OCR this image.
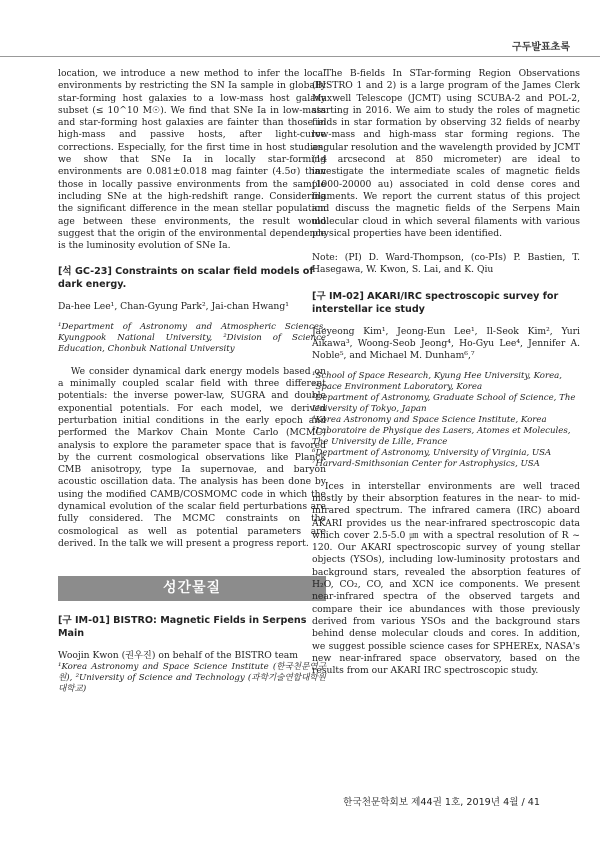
구두발표초록

location, we introduce a new method to infer the local environments by restricting the SN Ia sample in globally star-forming host galaxies to a low-mass host galaxy subset (≤ 10^10 M☉). We find that SNe Ia in low-mass and star-forming host galaxies are fainter than those in high-mass and passive hosts, after light-curve corrections. Especially, for the first time in host studies, we show that SNe Ia in locally star-forming environments are 0.081±0.018 mag fainter (4.5σ) than those in locally passive environments from the sample including SNe at the high-redshift range. Considering the significant difference in the mean stellar population age between these environments, the result would suggest that the origin of the environmental dependence is the luminosity evolution of SNe Ia.

[석 GC-23] Constraints on scalar field models of dark energy.

Da-hee Lee¹, Chan-Gyung Park², Jai-chan Hwang¹

¹Department of Astronomy and Atmospheric Sciences, Kyungpook National University, ²Division of Science Education, Chonbuk National University

We consider dynamical dark energy models based on a minimally coupled scalar field with three different potentials: the inverse power-law, SUGRA and double exponential potentials. For each model, we derived perturbation initial conditions in the early epoch and performed the Markov Chain Monte Carlo (MCMC) analysis to explore the parameter space that is favored by the current cosmological observations like Planck CMB anisotropy, type Ia supernovae, and baryon acoustic oscillation data. The analysis has been done by using the modified CAMB/COSMOMC code in which the dynamical evolution of the scalar field perturbations are fully considered. The MCMC constraints on the cosmological as well as potential parameters are derived. In the talk we will present a progress report.

성간물질
[구 IM-01] BISTRO: Magnetic Fields in Serpens Main

Woojin Kwon (권우진) on behalf of the BISTRO team

¹Korea Astronomy and Space Science Institute (한국천문연구원), ²University of Science and Technology (과학기술연합대학원대학교)

The B-fields In STar-forming Region Observations (BISTRO 1 and 2) is a large program of the James Clerk Maxwell Telescope (JCMT) using SCUBA-2 and POL-2, starting in 2016. We aim to study the roles of magnetic fields in star formation by observing 32 fields of nearby low-mass and high-mass star forming regions. The angular resolution and the wavelength provided by JCMT (14 arcsecond at 850 micrometer) are ideal to investigate the intermediate scales of magnetic fields (1000-20000 au) associated in cold dense cores and filaments. We report the current status of this project and discuss the magnetic fields of the Serpens Main molecular cloud in which several filaments with various physical properties have been identified.

Note: (PI) D. Ward-Thompson, (co-PIs) P. Bastien, T. Hasegawa, W. Kwon, S. Lai, and K. Qiu

[구 IM-02] AKARI/IRC spectroscopic survey for interstellar ice study

Jaeyeong Kim¹, Jeong-Eun Lee¹, Il-Seok Kim², Yuri Aikawa³, Woong-Seob Jeong⁴, Ho-Gyu Lee⁴, Jennifer A. Noble⁵, and Michael M. Dunham⁶,⁷

¹School of Space Research, Kyung Hee University, Korea,
²Space Environment Laboratory, Korea
³Department of Astronomy, Graduate School of Science, The University of Tokyo, Japan
⁴Korea Astronomy and Space Science Institute, Korea
⁵Laboratoire de Physique des Lasers, Atomes et Molecules, The University de Lille, France
⁶Department of Astronomy, University of Virginia, USA
⁷Harvard-Smithsonian Center for Astrophysics, USA

Ices in interstellar environments are well traced mostly by their absorption features in the near- to mid-infrared spectrum. The infrared camera (IRC) aboard AKARI provides us the near-infrared spectroscopic data which cover 2.5-5.0 ㎛ with a spectral resolution of R ~ 120. Our AKARI spectroscopic survey of young stellar objects (YSOs), including low-luminosity protostars and background stars, revealed the absorption features of H₂O, CO₂, CO, and XCN ice components. We present near-infrared spectra of the observed targets and compare their ice abundances with those previously derived from various YSOs and the background stars behind dense molecular clouds and cores. In addition, we suggest possible science cases for SPHEREx, NASA's new near-infrared space observatory, based on the results from our AKARI IRC spectroscopic study.

한국천문학회보 제44권 1호, 2019년 4월 / 41
